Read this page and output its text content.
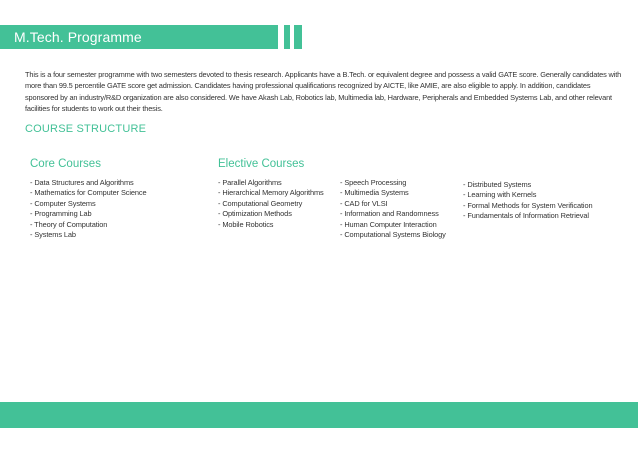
M.Tech. Programme

This is a four semester programme with two semesters devoted to thesis research. Applicants have a B.Tech. or equivalent degree and possess a valid GATE score. Generally candidates with more than 99.5 percentile GATE score get admission. Candidates having professional qualifications recognized by AICTE, like AMIE, are also eligible to apply. In addition, candidates sponsored by an industry/R&D organization are also considered. We have Akash Lab, Robotics lab, Multimedia lab, Hardware, Peripherals and Embedded Systems Lab, and other relevant facilities for students to work out their thesis.

COURSE STRUCTURE
Core Courses
- Data Structures and Algorithms
- Mathematics for Computer Science
- Computer Systems
- Programming Lab
- Theory of Computation
- Systems Lab
Elective Courses
- Parallel Algorithms
- Hierarchical Memory Algorithms
- Computational Geometry
- Optimization Methods
- Mobile Robotics
- Speech Processing
- Multimedia Systems
- CAD for VLSI
- Information and Randomness
- Human Computer Interaction
- Computational Systems Biology
- Distributed Systems
- Learning with Kernels
- Formal Methods for System Verification
- Fundamentals of Information Retrieval
